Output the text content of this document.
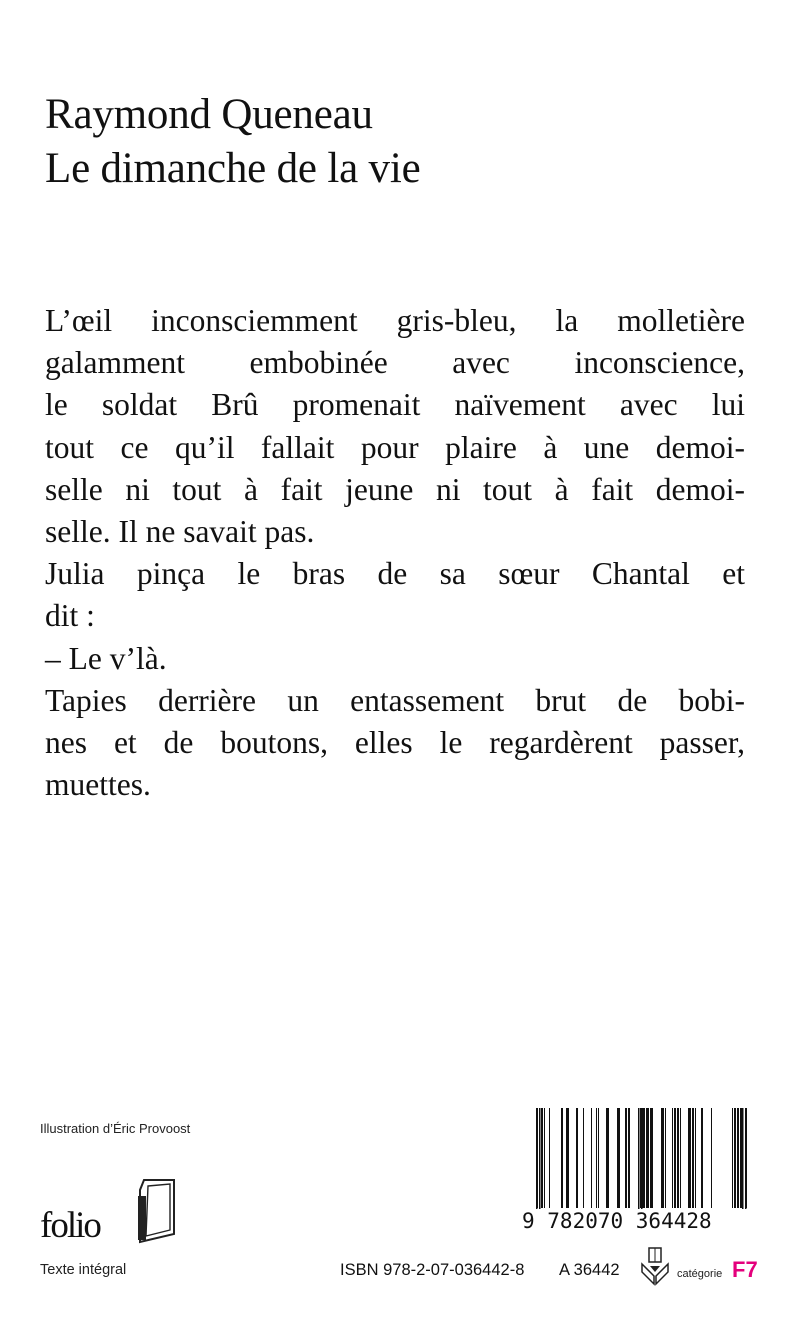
Raymond Queneau
Le dimanche de la vie
L’œil inconsciemment gris-bleu, la molletière
galamment embobinée avec inconscience,
le soldat Brû promenait naïvement avec lui
tout ce qu’il fallait pour plaire à une demoi-
selle ni tout à fait jeune ni tout à fait demoi-
selle. Il ne savait pas.
Julia pinça le bras de sa sœur Chantal et
dit :
– Le v’là.
Tapies derrière un entassement brut de bobi-
nes et de boutons, elles le regardèrent passer,
muettes.
Illustration d’Éric Provoost
folio
Texte intégral
9 782070 364428
ISBN 978-2-07-036442-8 A 36442	catégorie F7
